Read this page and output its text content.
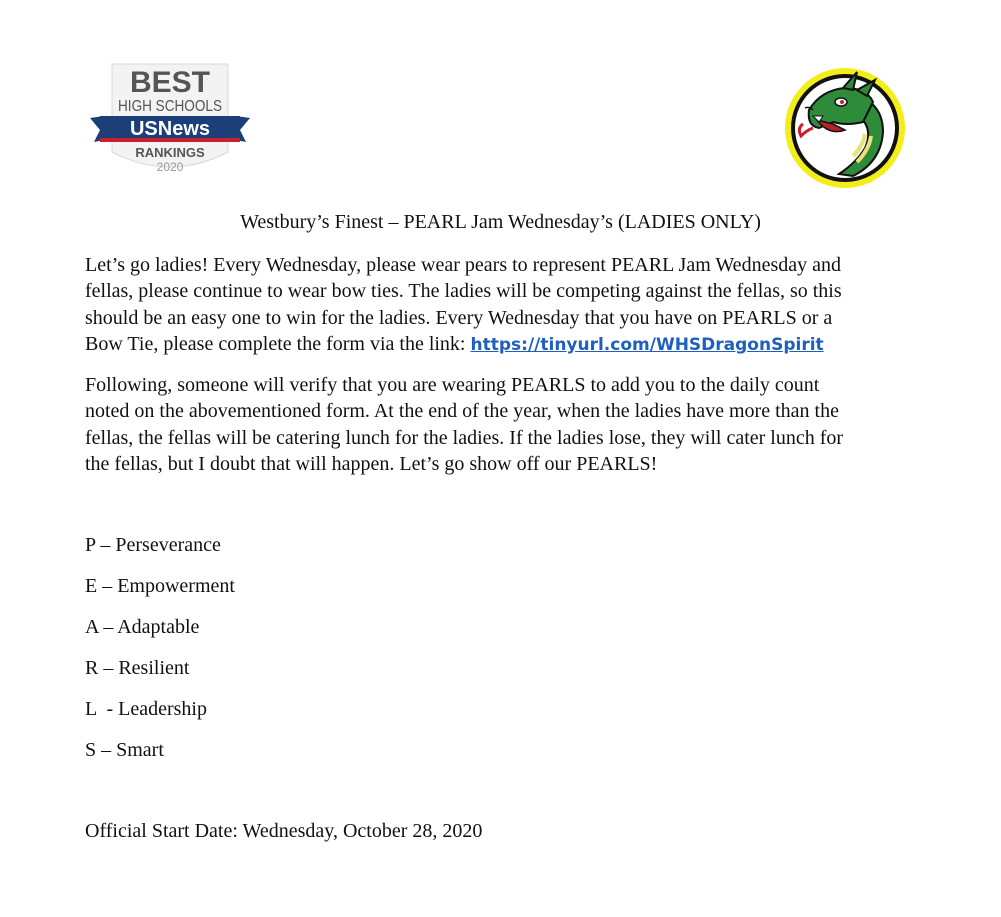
BEST
HIGH SCHOOLS
USNews
RANKINGS
2020
Westbury’s Finest – PEARL Jam Wednesday’s (LADIES ONLY)
Let’s go ladies! Every Wednesday, please wear pears to represent PEARL Jam Wednesday and
fellas, please continue to wear bow ties. The ladies will be competing against the fellas, so this
should be an easy one to win for the ladies. Every Wednesday that you have on PEARLS or a
Bow Tie, please complete the form via the link: https://tinyurl.com/WHSDragonSpirit
Following, someone will verify that you are wearing PEARLS to add you to the daily count
noted on the abovementioned form. At the end of the year, when the ladies have more than the
fellas, the fellas will be catering lunch for the ladies. If the ladies lose, they will cater lunch for
the fellas, but I doubt that will happen. Let’s go show off our PEARLS!
P – Perseverance
E – Empowerment
A – Adaptable
R – Resilient
L  - Leadership
S – Smart
Official Start Date: Wednesday, October 28, 2020
